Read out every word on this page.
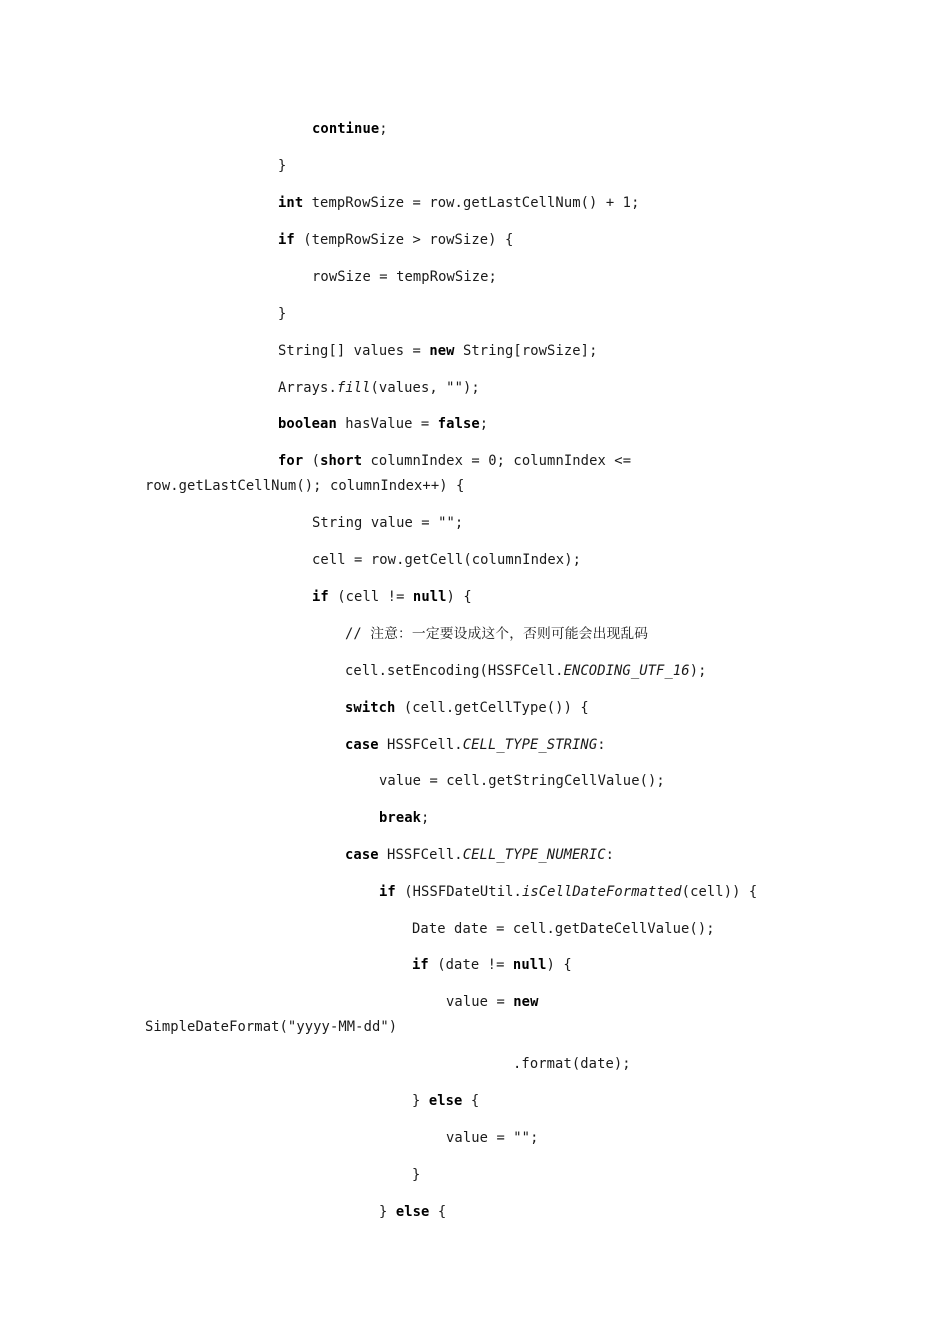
continue;
}
int tempRowSize = row.getLastCellNum() + 1;
if (tempRowSize > rowSize) {
rowSize = tempRowSize;
}
String[] values = new String[rowSize];
Arrays.fill(values, "");
boolean hasValue = false;
for (short columnIndex = 0; columnIndex <=
row.getLastCellNum(); columnIndex++) {
String value = "";
cell = row.getCell(columnIndex);
if (cell != null) {
// 注意：一定要设成这个，否则可能会出现乱码
cell.setEncoding(HSSFCell.ENCODING_UTF_16);
switch (cell.getCellType()) {
case HSSFCell.CELL_TYPE_STRING:
value = cell.getStringCellValue();
break;
case HSSFCell.CELL_TYPE_NUMERIC:
if (HSSFDateUtil.isCellDateFormatted(cell)) {
Date date = cell.getDateCellValue();
if (date != null) {
value = new
SimpleDateFormat("yyyy-MM-dd")
.format(date);
} else {
value = "";
}
} else {
